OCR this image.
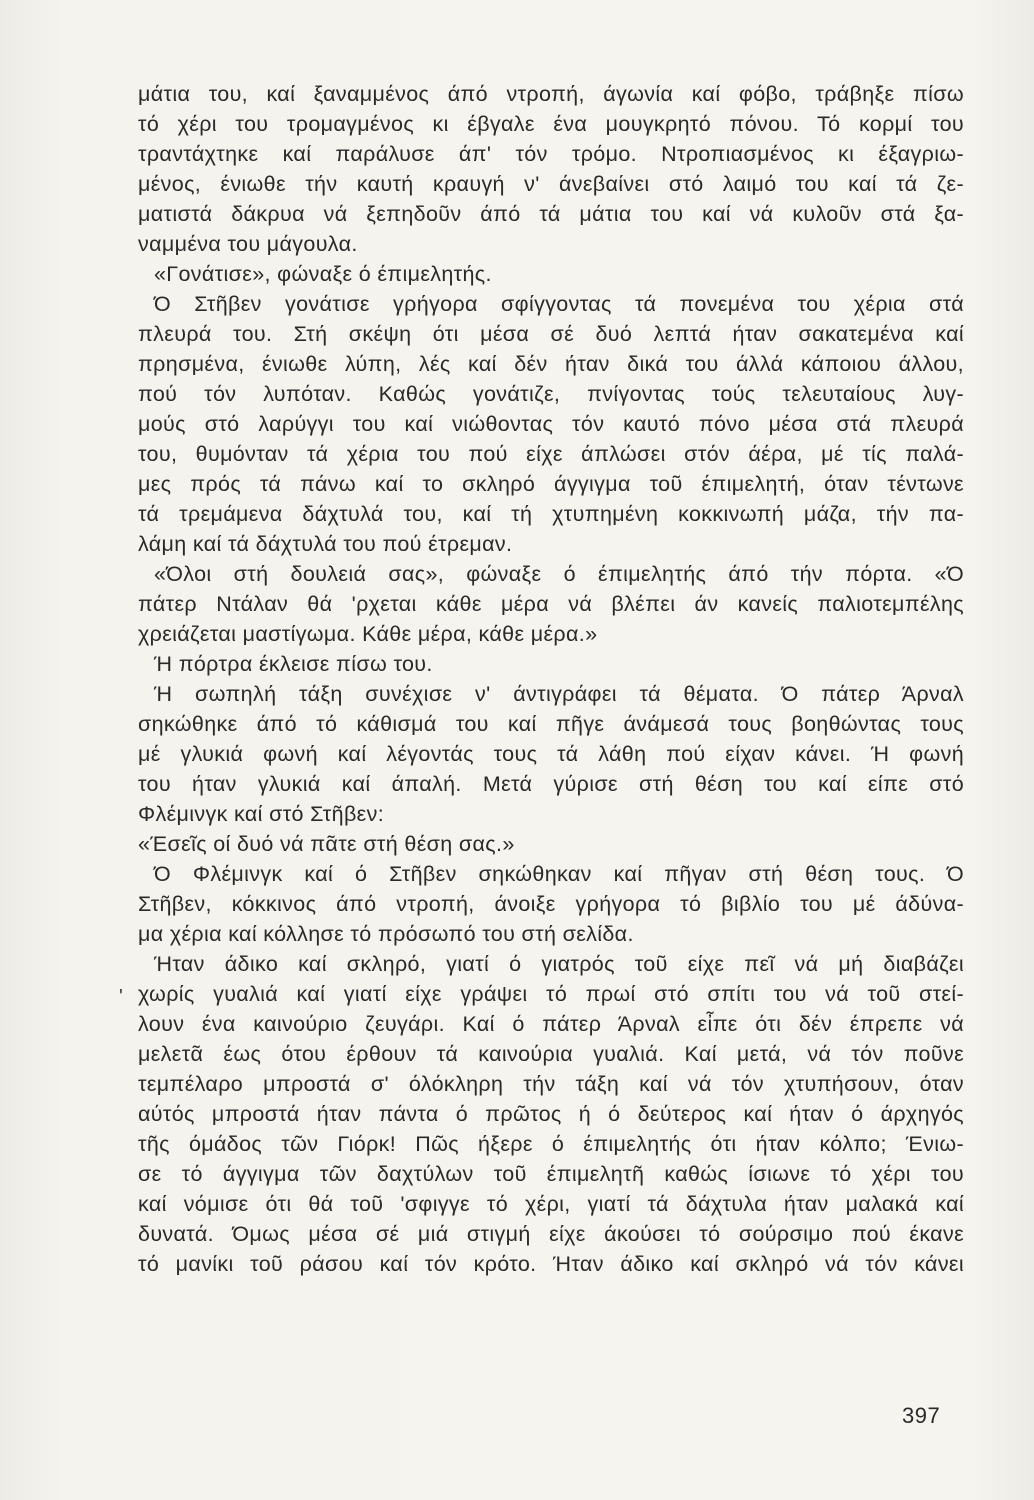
μάτια του, καί ξαναμμένος άπό ντροπή, άγωνία καί φόβο, τράβηξε πίσω
τό χέρι του τρομαγμένος κι έβγαλε ένα μουγκρητό πόνου. Τό κορμί του
τραντάχτηκε καί παράλυσε άπ' τόν τρόμο. Ντροπιασμένος κι έξαγριω-
μένος, ένιωθε τήν καυτή κραυγή ν' άνεβαίνει στό λαιμό του καί τά ζε-
ματιστά δάκρυα νά ξεπηδοῦν άπό τά μάτια του καί νά κυλοῦν στά ξα-
ναμμένα του μάγουλα.
«Γονάτισε», φώναξε ό έπιμελητής.
Ό Στῆβεν γονάτισε γρήγορα σφίγγοντας τά πονεμένα του χέρια στά
πλευρά του. Στή σκέψη ότι μέσα σέ δυό λεπτά ήταν σακατεμένα καί
πρησμένα, ένιωθε λύπη, λές καί δέν ήταν δικά του άλλά κάποιου άλλου,
πού τόν λυπόταν. Καθώς γονάτιζε, πνίγοντας τούς τελευταίους λυγ-
μούς στό λαρύγγι του καί νιώθοντας τόν καυτό πόνο μέσα στά πλευρά
του, θυμόνταν τά χέρια του πού είχε άπλώσει στόν άέρα, μέ τίς παλά-
μες πρός τά πάνω καί το σκληρό άγγιγμα τοῦ έπιμελητή, όταν τέντωνε
τά τρεμάμενα δάχτυλά του, καί τή χτυπημένη κοκκινωπή μάζα, τήν πα-
λάμη καί τά δάχτυλά του πού έτρεμαν.
«Όλοι στή δουλειά σας», φώναξε ό έπιμελητής άπό τήν πόρτα. «Ό
πάτερ Ντάλαν θά 'ρχεται κάθε μέρα νά βλέπει άν κανείς παλιοτεμπέλης
χρειάζεται μαστίγωμα. Κάθε μέρα, κάθε μέρα.»
Ή πόρτρα έκλεισε πίσω του.
Ή σωπηλή τάξη συνέχισε ν' άντιγράφει τά θέματα. Ό πάτερ Άρναλ
σηκώθηκε άπό τό κάθισμά του καί πῆγε άνάμεσά τους βοηθώντας τους
μέ γλυκιά φωνή καί λέγοντάς τους τά λάθη πού είχαν κάνει. Ή φωνή
του ήταν γλυκιά καί άπαλή. Μετά γύρισε στή θέση του καί είπε στό
Φλέμινγκ καί στό Στῆβεν:
«Έσεῖς οί δυό νά πᾶτε στή θέση σας.»
Ό Φλέμινγκ καί ό Στῆβεν σηκώθηκαν καί πῆγαν στή θέση τους. Ό
Στῆβεν, κόκκινος άπό ντροπή, άνοιξε γρήγορα τό βιβλίο του μέ άδύνα-
μα χέρια καί κόλλησε τό πρόσωπό του στή σελίδα.
Ήταν άδικο καί σκληρό, γιατί ό γιατρός τοῦ είχε πεῖ νά μή διαβάζει
χωρίς γυαλιά καί γιατί είχε γράψει τό πρωί στό σπίτι του νά τοῦ στεί-
λουν ένα καινούριο ζευγάρι. Καί ό πάτερ Άρναλ εἶπε ότι δέν έπρεπε νά
μελετᾶ έως ότου έρθουν τά καινούρια γυαλιά. Καί μετά, νά τόν ποῦνε
τεμπέλαρο μπροστά σ' όλόκληρη τήν τάξη καί νά τόν χτυπήσουν, όταν
αύτός μπροστά ήταν πάντα ό πρῶτος ή ό δεύτερος καί ήταν ό άρχηγός
τῆς όμάδος τῶν Γιόρκ! Πῶς ήξερε ό έπιμελητής ότι ήταν κόλπο; Ένιω-
σε τό άγγιγμα τῶν δαχτύλων τοῦ έπιμελητῆ καθώς ίσιωνε τό χέρι του
καί νόμισε ότι θά τοῦ 'σφιγγε τό χέρι, γιατί τά δάχτυλα ήταν μαλακά καί
δυνατά. Όμως μέσα σέ μιά στιγμή είχε άκούσει τό σούρσιμο πού έκανε
τό μανίκι τοῦ ράσου καί τόν κρότο. Ήταν άδικο καί σκληρό νά τόν κάνει
'
397
